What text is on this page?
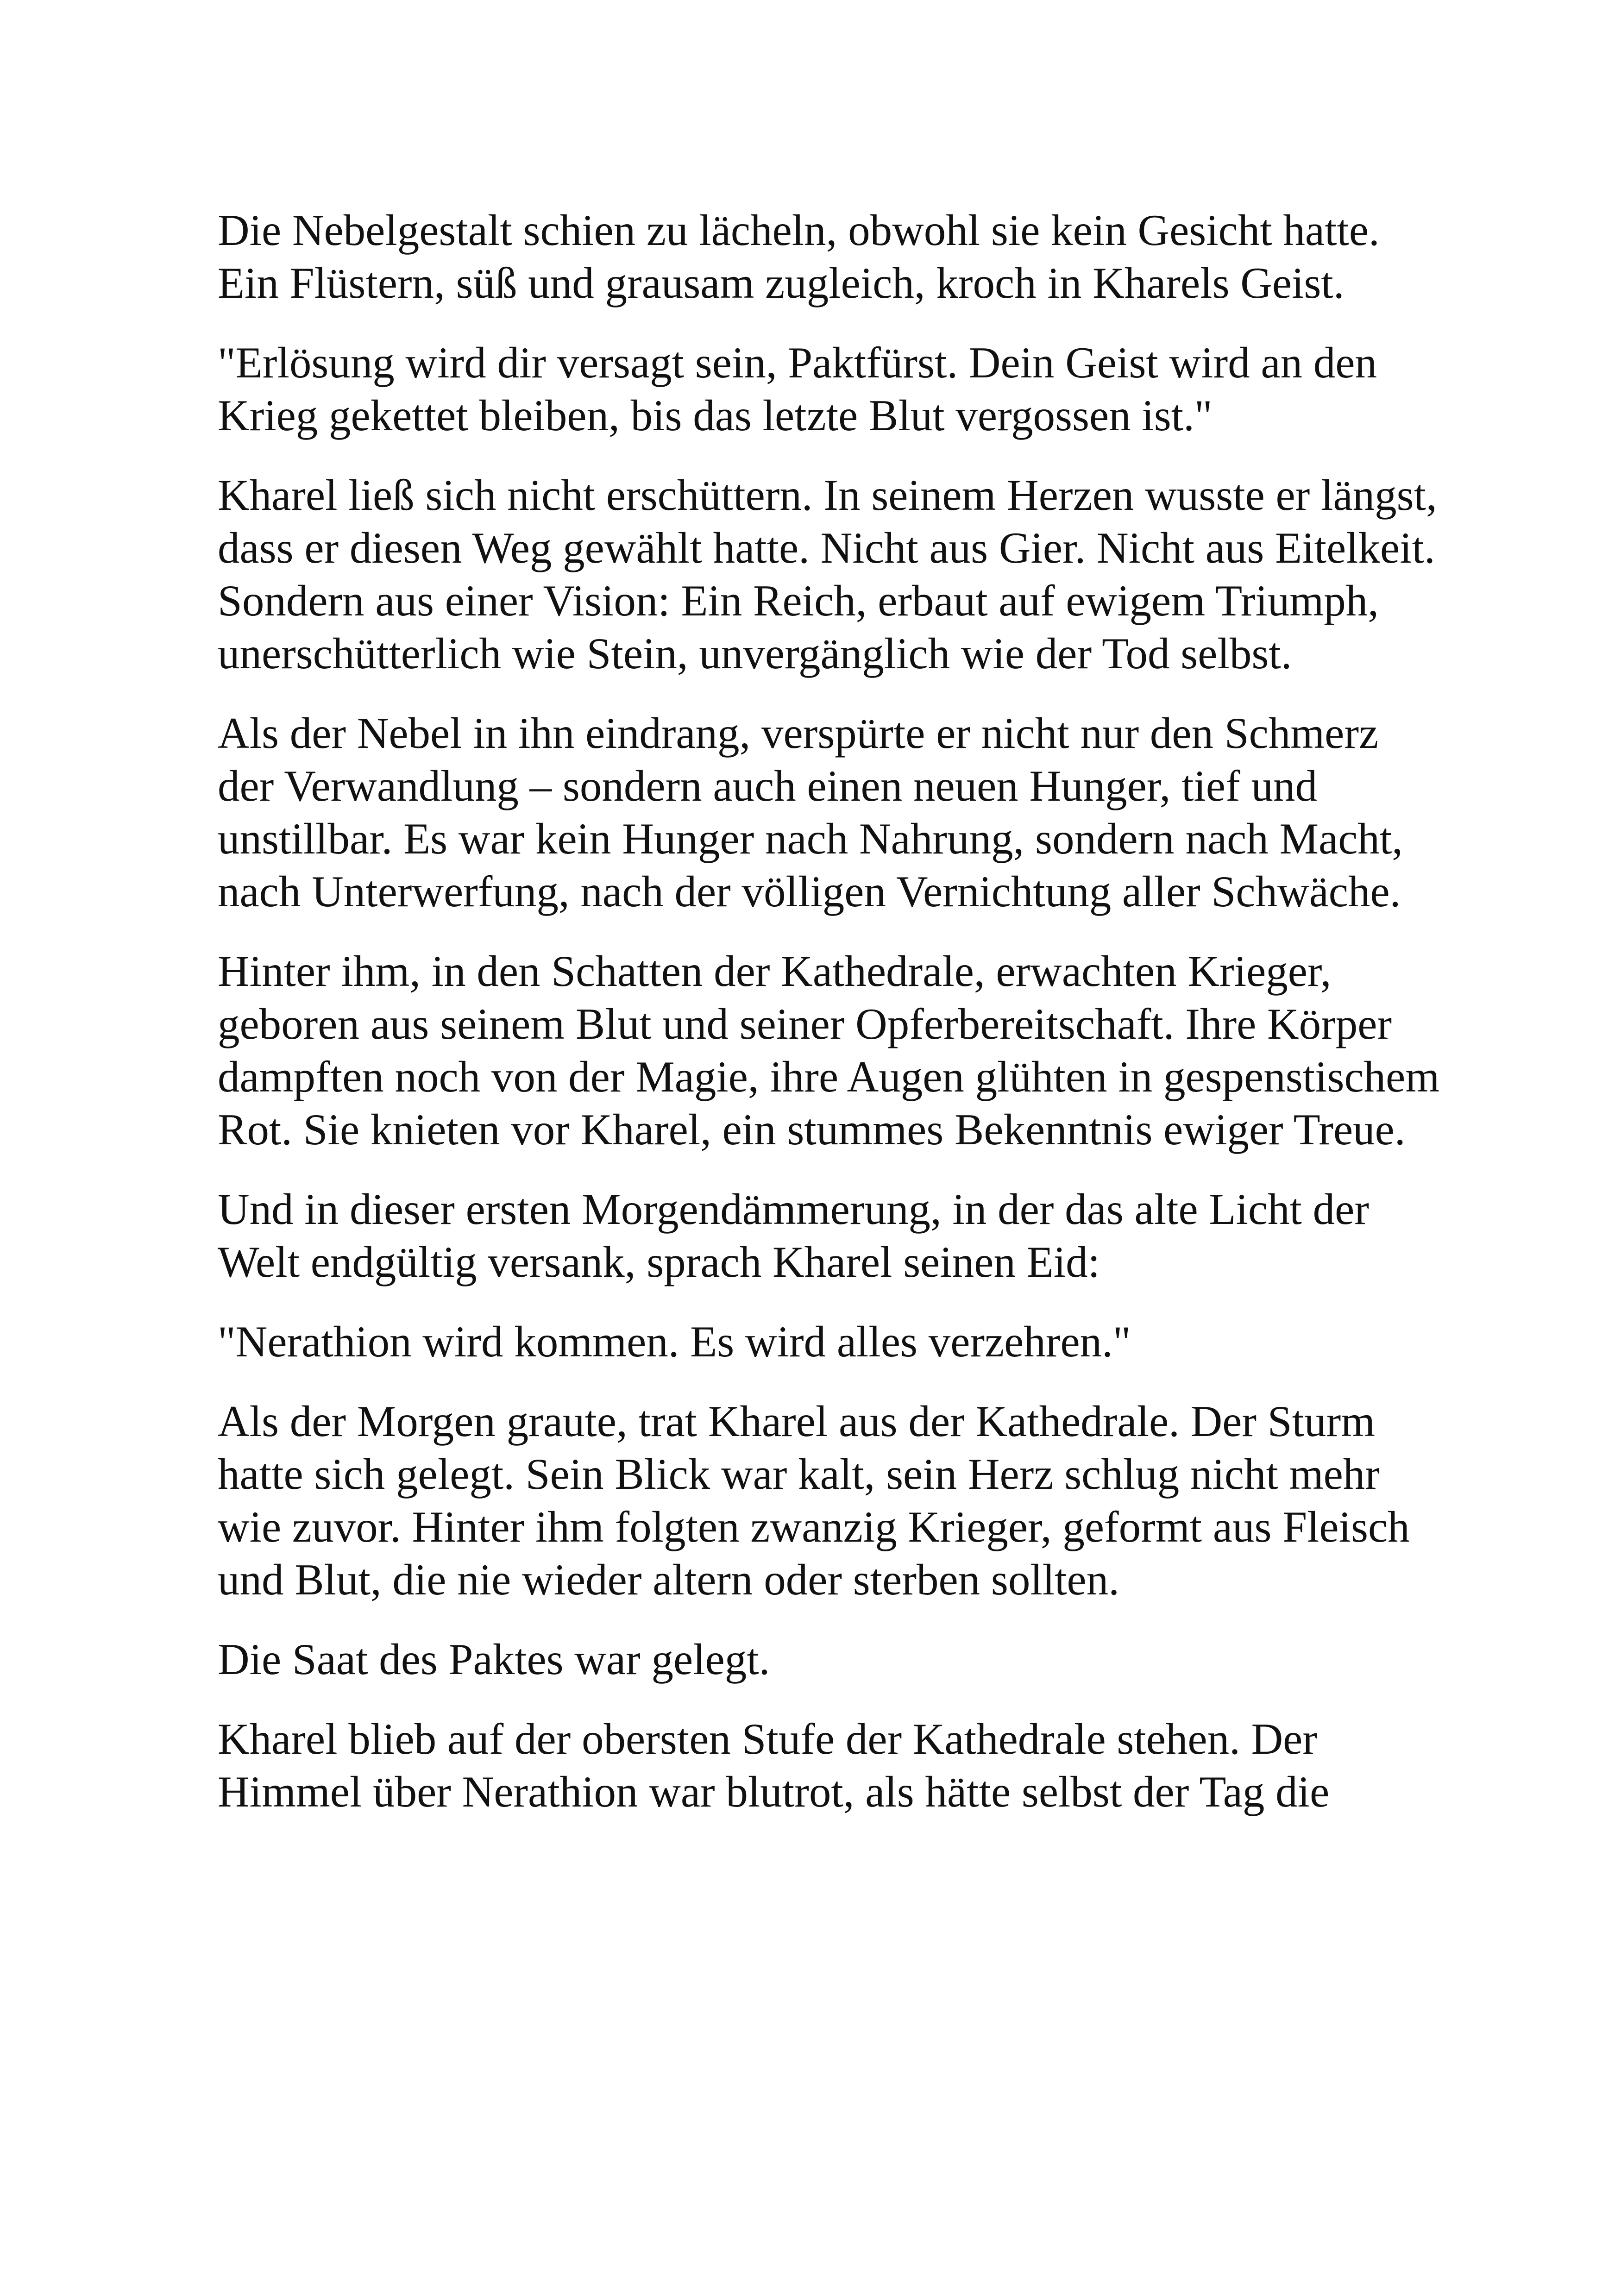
Die Nebelgestalt schien zu lächeln, obwohl sie kein Gesicht hatte. Ein Flüstern, süß und grausam zugleich, kroch in Kharels Geist.

"Erlösung wird dir versagt sein, Paktfürst. Dein Geist wird an den Krieg gekettet bleiben, bis das letzte Blut vergossen ist."

Kharel ließ sich nicht erschüttern. In seinem Herzen wusste er längst, dass er diesen Weg gewählt hatte. Nicht aus Gier. Nicht aus Eitelkeit. Sondern aus einer Vision: Ein Reich, erbaut auf ewigem Triumph, unerschütterlich wie Stein, unvergänglich wie der Tod selbst.

Als der Nebel in ihn eindrang, verspürte er nicht nur den Schmerz der Verwandlung – sondern auch einen neuen Hunger, tief und unstillbar. Es war kein Hunger nach Nahrung, sondern nach Macht, nach Unterwerfung, nach der völligen Vernichtung aller Schwäche.

Hinter ihm, in den Schatten der Kathedrale, erwachten Krieger, geboren aus seinem Blut und seiner Opferbereitschaft. Ihre Körper dampften noch von der Magie, ihre Augen glühten in gespenstischem Rot. Sie knieten vor Kharel, ein stummes Bekenntnis ewiger Treue.

Und in dieser ersten Morgendämmerung, in der das alte Licht der Welt endgültig versank, sprach Kharel seinen Eid:

"Nerathion wird kommen. Es wird alles verzehren."

Als der Morgen graute, trat Kharel aus der Kathedrale. Der Sturm hatte sich gelegt. Sein Blick war kalt, sein Herz schlug nicht mehr wie zuvor. Hinter ihm folgten zwanzig Krieger, geformt aus Fleisch und Blut, die nie wieder altern oder sterben sollten.

Die Saat des Paktes war gelegt.

Kharel blieb auf der obersten Stufe der Kathedrale stehen. Der Himmel über Nerathion war blutrot, als hätte selbst der Tag die
